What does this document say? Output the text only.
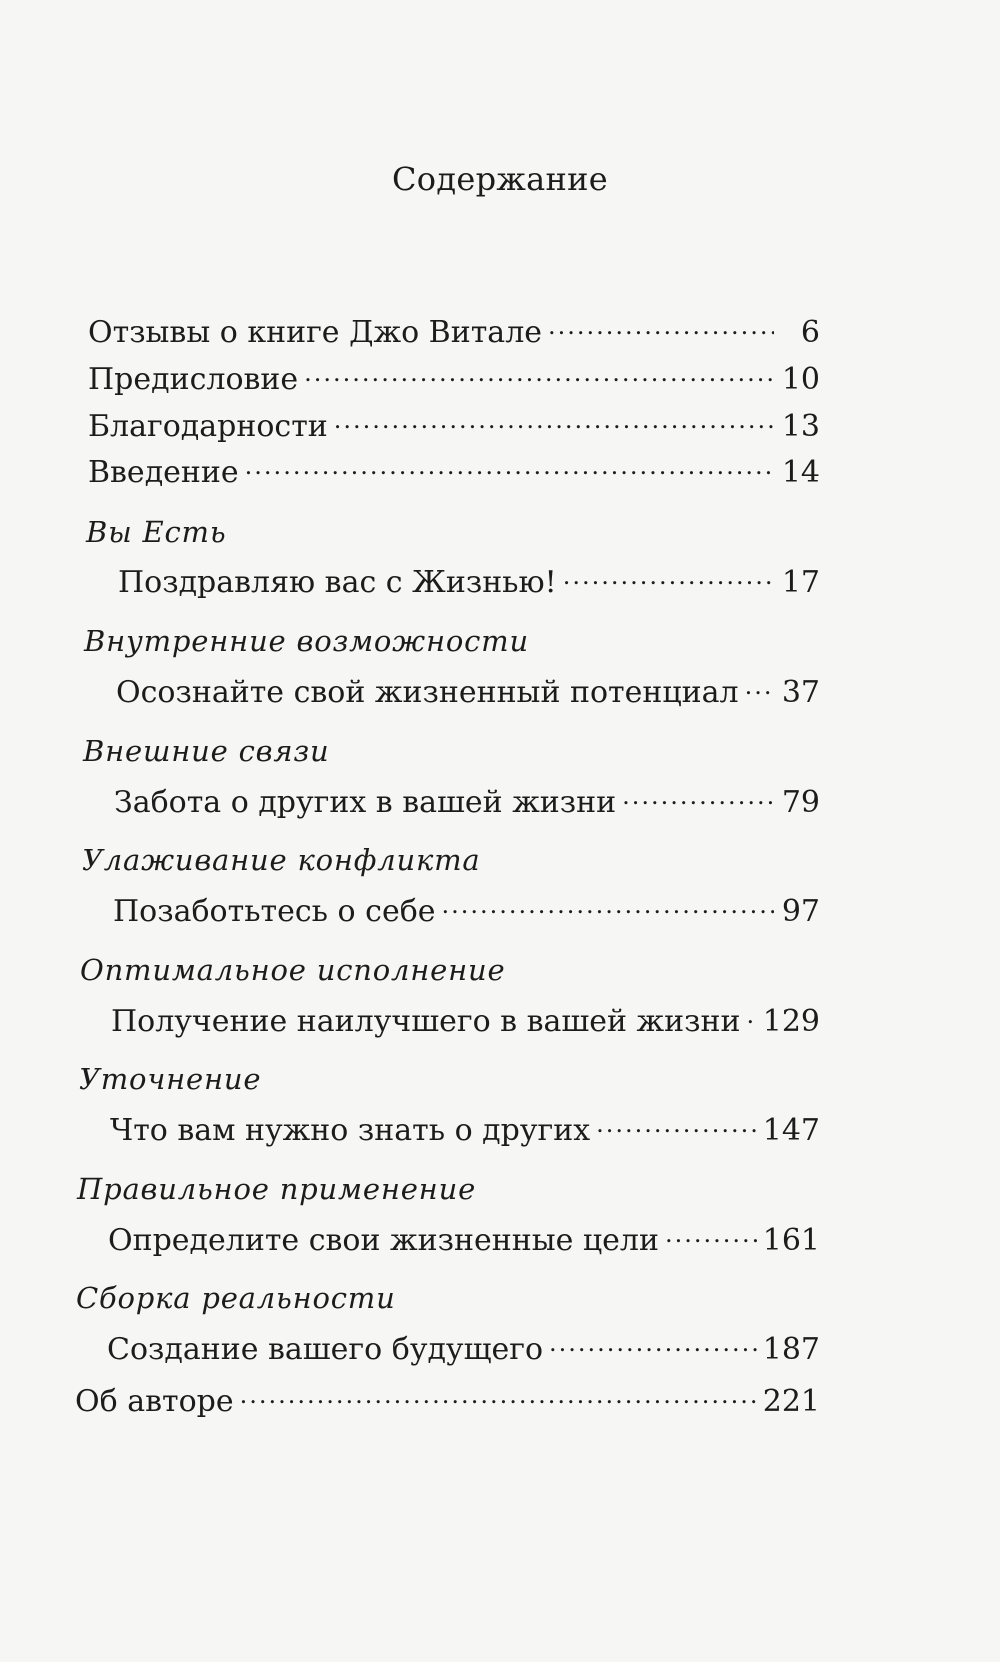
Содержание
Отзывы о книге Джо Витале .....	6
Предисловие .....	10
Благодарности .....	13
Введение .....	14
Вы Есть
Поздравляю вас с Жизнью! .....	17
Внутренние возможности
Осознайте свой жизненный потенциал ..... 37
Внешние связи
Забота о других в вашей жизни .....	79
Улаживание конфликта
Позаботьтесь о себе .....	97
Оптимальное исполнение
Получение наилучшего в вашей жизни ..... 129
Уточнение
Что вам нужно знать о других .....	147
Правильное применение
Определите свои жизненные цели .....	161
Сборка реальности
Создание вашего будущего .....	187
Об авторе .....	221
